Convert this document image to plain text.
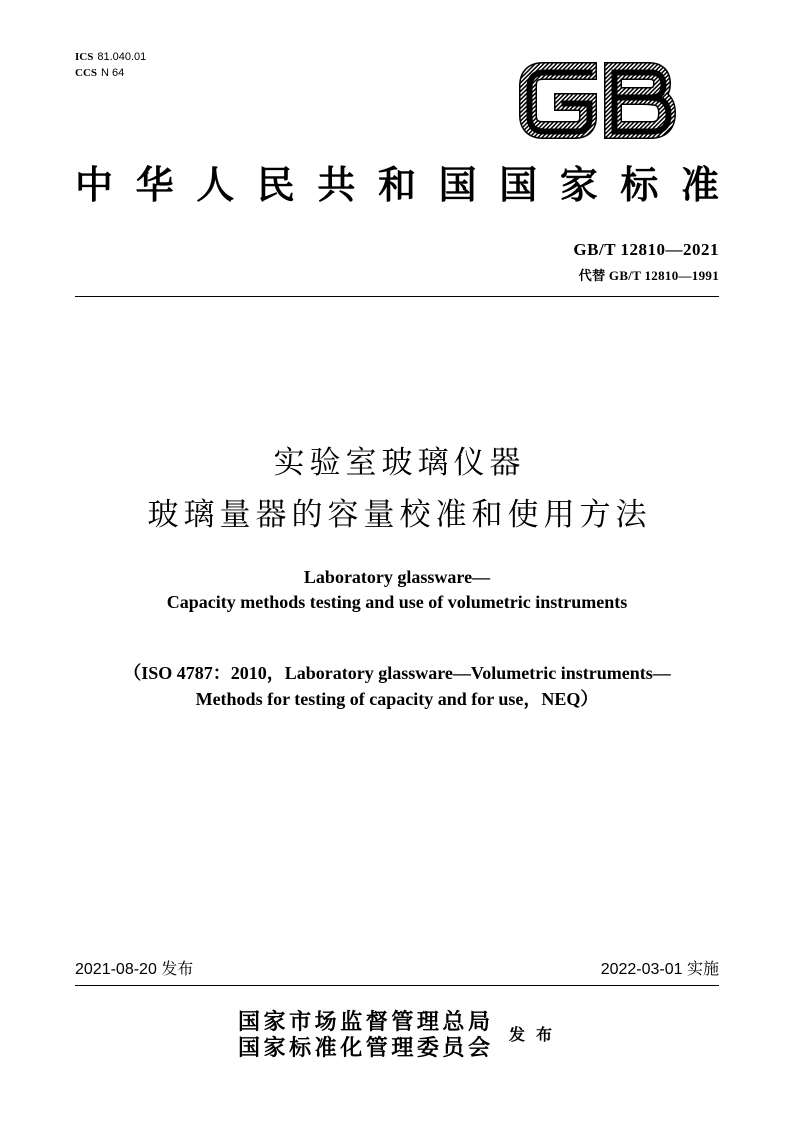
ICS 81.040.01
CCS N 64
中华人民共和国国家标准
GB/T 12810—2021
代替 GB/T 12810—1991
实验室玻璃仪器
玻璃量器的容量校准和使用方法
Laboratory glassware—
Capacity methods testing and use of volumetric instruments
（ISO 4787：2010，Laboratory glassware—Volumetric instruments—
Methods for testing of capacity and for use，NEQ）
2021-08-20 发布	2022-03-01 实施
国家市场监督管理总局
国家标准化管理委员会
发布
